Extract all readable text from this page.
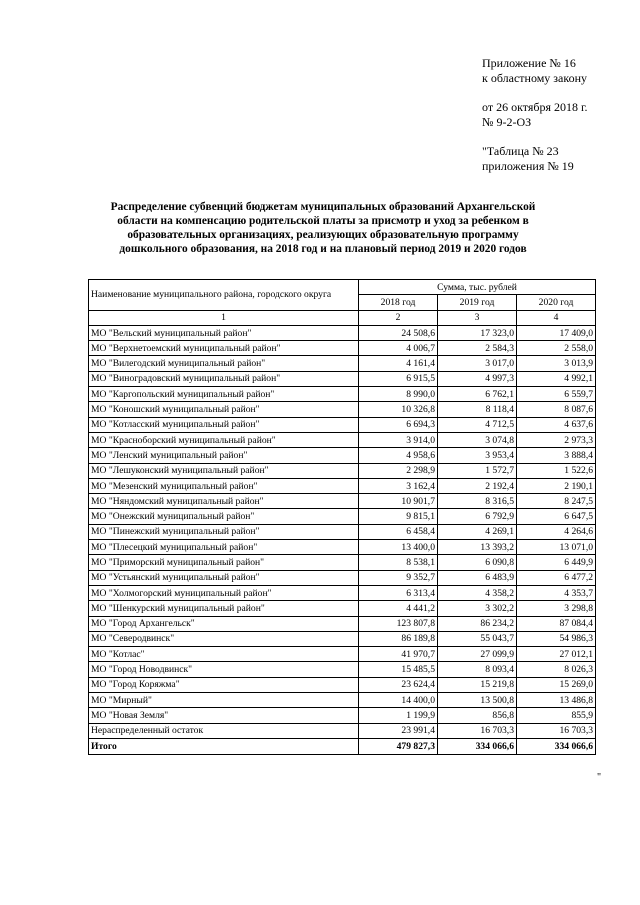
Приложение № 16
к областному закону
от 26 октября 2018 г.
№ 9-2-ОЗ
"Таблица № 23
приложения № 19
Распределение субвенций бюджетам муниципальных образований Архангельской области на компенсацию родительской платы за присмотр и уход за ребенком в образовательных организациях, реализующих образовательную программу дошкольного образования, на 2018 год и на плановый период 2019 и 2020 годов
Наименование муниципального района, городского округа	Сумма, тыс. рублей		
	2018 год	2019 год	2020 год
1	2	3	4
МО "Вельский муниципальный район"	24 508,6	17 323,0	17 409,0
МО "Верхнетоемский муниципальный район"	4 006,7	2 584,3	2 558,0
МО "Вилегодский муниципальный район"	4 161,4	3 017,0	3 013,9
МО "Виноградовский муниципальный район"	6 915,5	4 997,3	4 992,1
МО "Каргопольский муниципальный район"	8 990,0	6 762,1	6 559,7
МО "Коношский муниципальный район"	10 326,8	8 118,4	8 087,6
МО "Котласский муниципальный район"	6 694,3	4 712,5	4 637,6
МО "Красноборский муниципальный район"	3 914,0	3 074,8	2 973,3
МО "Ленский муниципальный район"	4 958,6	3 953,4	3 888,4
МО "Лешуконский муниципальный район"	2 298,9	1 572,7	1 522,6
МО "Мезенский муниципальный район"	3 162,4	2 192,4	2 190,1
МО "Няндомский муниципальный район"	10 901,7	8 316,5	8 247,5
МО "Онежский муниципальный район"	9 815,1	6 792,9	6 647,5
МО "Пинежский муниципальный район"	6 458,4	4 269,1	4 264,6
МО "Плесецкий муниципальный район"	13 400,0	13 393,2	13 071,0
МО "Приморский муниципальный район"	8 538,1	6 090,8	6 449,9
МО "Устьянский муниципальный район"	9 352,7	6 483,9	6 477,2
МО "Холмогорский муниципальный район"	6 313,4	4 358,2	4 353,7
МО "Шенкурский муниципальный район"	4 441,2	3 302,2	3 298,8
МО "Город Архангельск"	123 807,8	86 234,2	87 084,4
МО "Северодвинск"	86 189,8	55 043,7	54 986,3
МО "Котлас"	41 970,7	27 099,9	27 012,1
МО "Город Новодвинск"	15 485,5	8 093,4	8 026,3
МО "Город Коряжма"	23 624,4	15 219,8	15 269,0
МО "Мирный"	14 400,0	13 500,8	13 486,8
МО "Новая Земля"	1 199,9	856,8	855,9
Нераспределенный остаток	23 991,4	16 703,3	16 703,3
Итого	479 827,3	334 066,6	334 066,6
"
